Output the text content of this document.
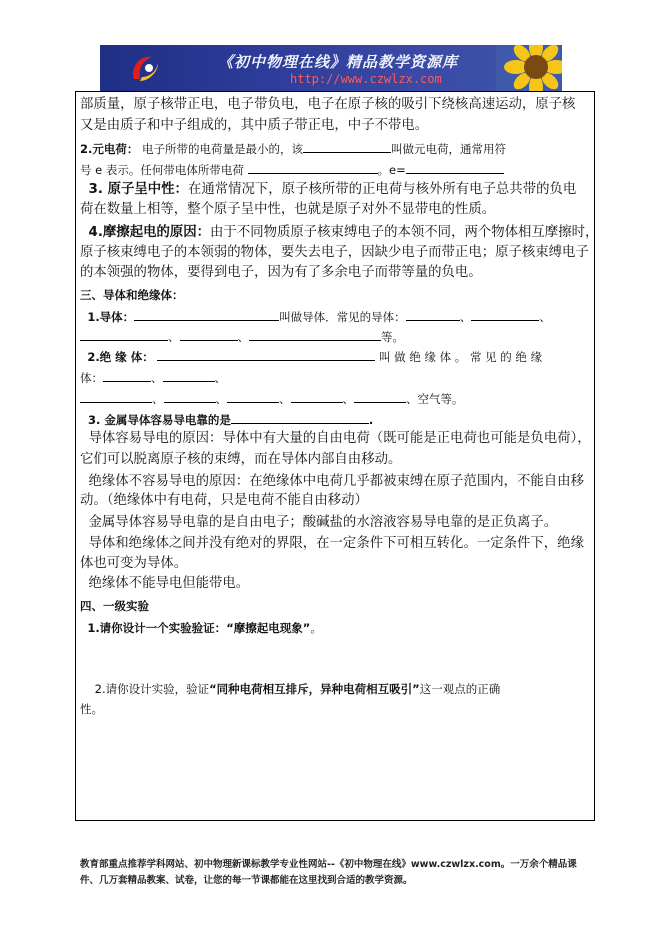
《初中物理在线》精品教学资源库
http://www.czwlzx.com
部质量，原子核带正电，电子带负电，电子在原子核的吸引下绕核高速运动，原子核
又是由质子和中子组成的，其中质子带正电，中子不带电。
2.元电荷： 电子所带的电荷量是最小的，该	叫做元电荷，通常用符
号 e 表示。任何带电体所带电荷	。e=
3. 原子呈中性：在通常情况下，原子核所带的正电荷与核外所有电子总共带的负电
荷在数量上相等，整个原子呈中性，也就是原子对外不显带电的性质。
4.摩擦起电的原因：由于不同物质原子核束缚电子的本领不同，两个物体相互摩擦时，
原子核束缚电子的本领弱的物体，要失去电子，因缺少电子而带正电；原子核束缚电子
的本领强的物体，要得到电子，因为有了多余电子而带等量的负电。
三、导体和绝缘体：
1.导体：	叫做导体．常见的导体：	、	、
、	、	等。
2.绝 缘 体：	叫 做 绝 缘 体 。 常 见 的 绝 缘
体：	、	、
、	、	、	、	、空气等。
3. 金属导体容易导电靠的是	.
导体容易导电的原因：导体中有大量的自由电荷（既可能是正电荷也可能是负电荷），
它们可以脱离原子核的束缚，而在导体内部自由移动。
绝缘体不容易导电的原因：在绝缘体中电荷几乎都被束缚在原子范围内，不能自由移
动。（绝缘体中有电荷，只是电荷不能自由移动）
金属导体容易导电靠的是自由电子；酸碱盐的水溶液容易导电靠的是正负离子。
导体和绝缘体之间并没有绝对的界限，在一定条件下可相互转化。一定条件下，绝缘
体也可变为导体。
绝缘体不能导电但能带电。
四、一级实验
1.请你设计一个实验验证：“摩擦起电现象”。
2.请你设计实验，验证“同种电荷相互排斥，异种电荷相互吸引”这一观点的正确
性。
教育部重点推荐学科网站、初中物理新课标教学专业性网站--《初中物理在线》www.czwlzx.com。一万余个精品课
件、几万套精品教案、试卷，让您的每一节课都能在这里找到合适的教学资源。
